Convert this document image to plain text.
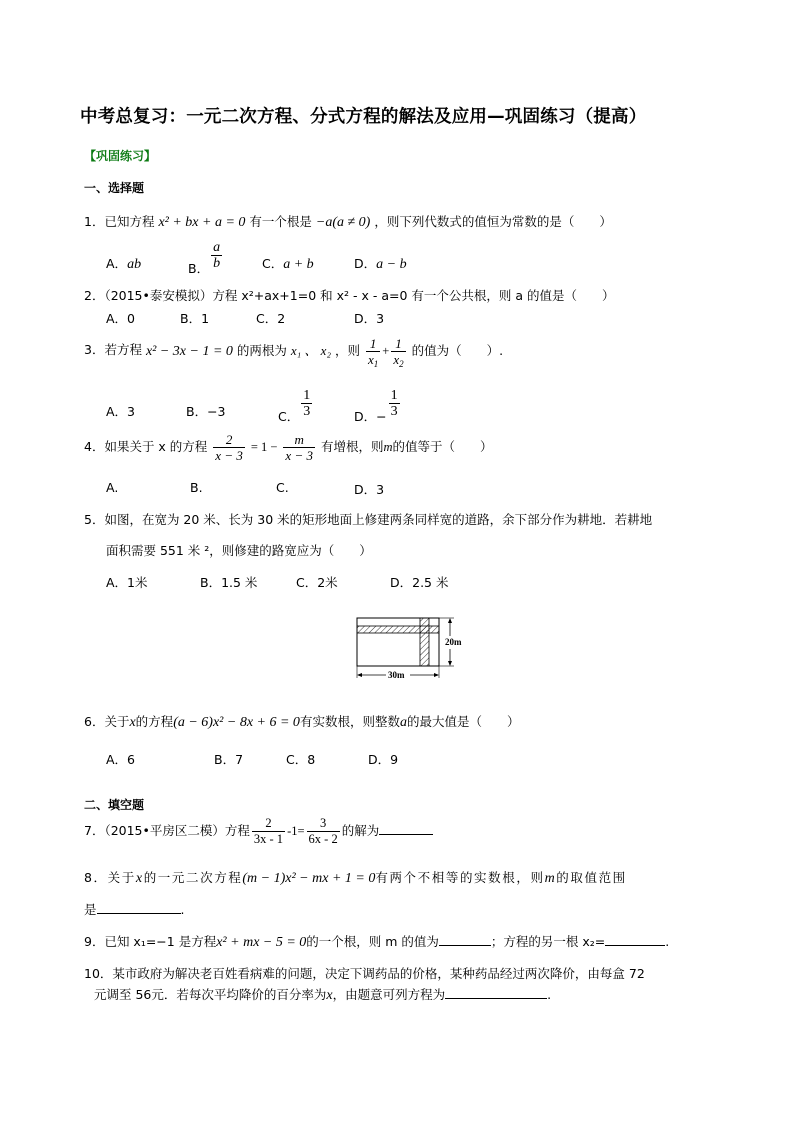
中考总复习：一元二次方程、分式方程的解法及应用—巩固练习（提高）
【巩固练习】
一、选择题
1．已知方程 x² + bx + a = 0 有一个根是 −a(a ≠ 0) ，则下列代数式的值恒为常数的是（　　）
A．ab	B． $\frac{a}{b}$	C．a + b	D．a − b
2．（2015•泰安模拟）方程 x²+ax+1=0 和 x² - x - a=0 有一个公共根，则 a 的值是（　　）
A．0	B．1	C．2	D．3
3．若方程 x² − 3x − 1 = 0 的两根为 x₁ 、 x₂ ，则 $\frac{1}{x_1} + \frac{1}{x_2}$ 的值为（　　）.
A．3	B．−3	C． $\frac{1}{3}$	D．− $\frac{1}{3}$
4．如果关于 x 的方程 $\frac{2}{x - 3} = 1 - \frac{m}{x - 3}$ 有增根，则m的值等于（　　）
A.	B.	C.	D．3
5．如图，在宽为 20 米、长为 30 米的矩形地面上修建两条同样宽的道路，余下部分作为耕地．若耕地
面积需要 551 米 ²，则修建的路宽应为（　　）
A．1米	B．1.5 米	C．2米	D．2.5 米
20m
30m
6．关于x的方程(a − 6)x² − 8x + 6 = 0有实数根，则整数a的最大值是（　　）
A．6	B．7	C．8	D．9
二、填空题
7．（2015•平房区二模）方程 $\frac{2}{3x - 1} -1= \frac{3}{6x - 2}$ 的解为
8．关于x的一元二次方程(m − 1)x² − mx + 1 = 0有两个不相等的实数根，则m的取值范围
是	.
9．已知 x₁=−1 是方程x² + mx − 5 = 0的一个根，则 m 的值为	；方程的另一根 x₂=	.
10．某市政府为解决老百姓看病难的问题，决定下调药品的价格，某种药品经过两次降价，由每盒 72
元调至 56元．若每次平均降价的百分率为x，由题意可列方程为	.
